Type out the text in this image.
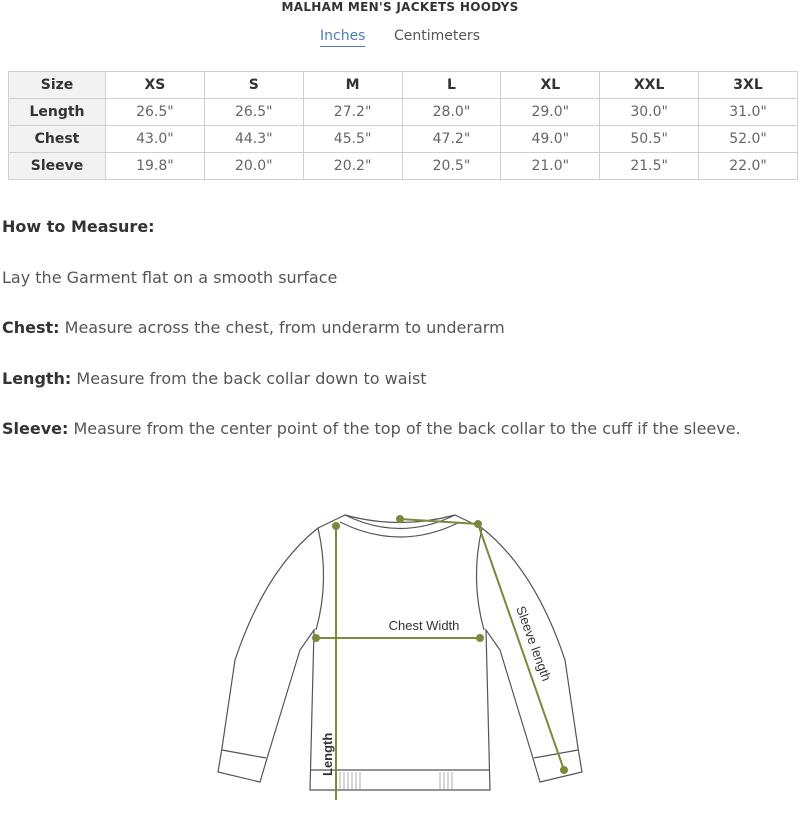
MALHAM MEN'S JACKETS HOODYS
Inches Centimeters
Size	XS	S	M	L	XL	XXL	3XL
Length	26.5"	26.5"	27.2"	28.0"	29.0"	30.0"	31.0"
Chest	43.0"	44.3"	45.5"	47.2"	49.0"	50.5"	52.0"
Sleeve	19.8"	20.0"	20.2"	20.5"	21.0"	21.5"	22.0"
How to Measure:
Lay the Garment flat on a smooth surface
Chest: Measure across the chest, from underarm to underarm
Length: Measure from the back collar down to waist
Sleeve: Measure from the center point of the top of the back collar to the cuff if the sleeve.
Chest Width	Sleeve length
Length
